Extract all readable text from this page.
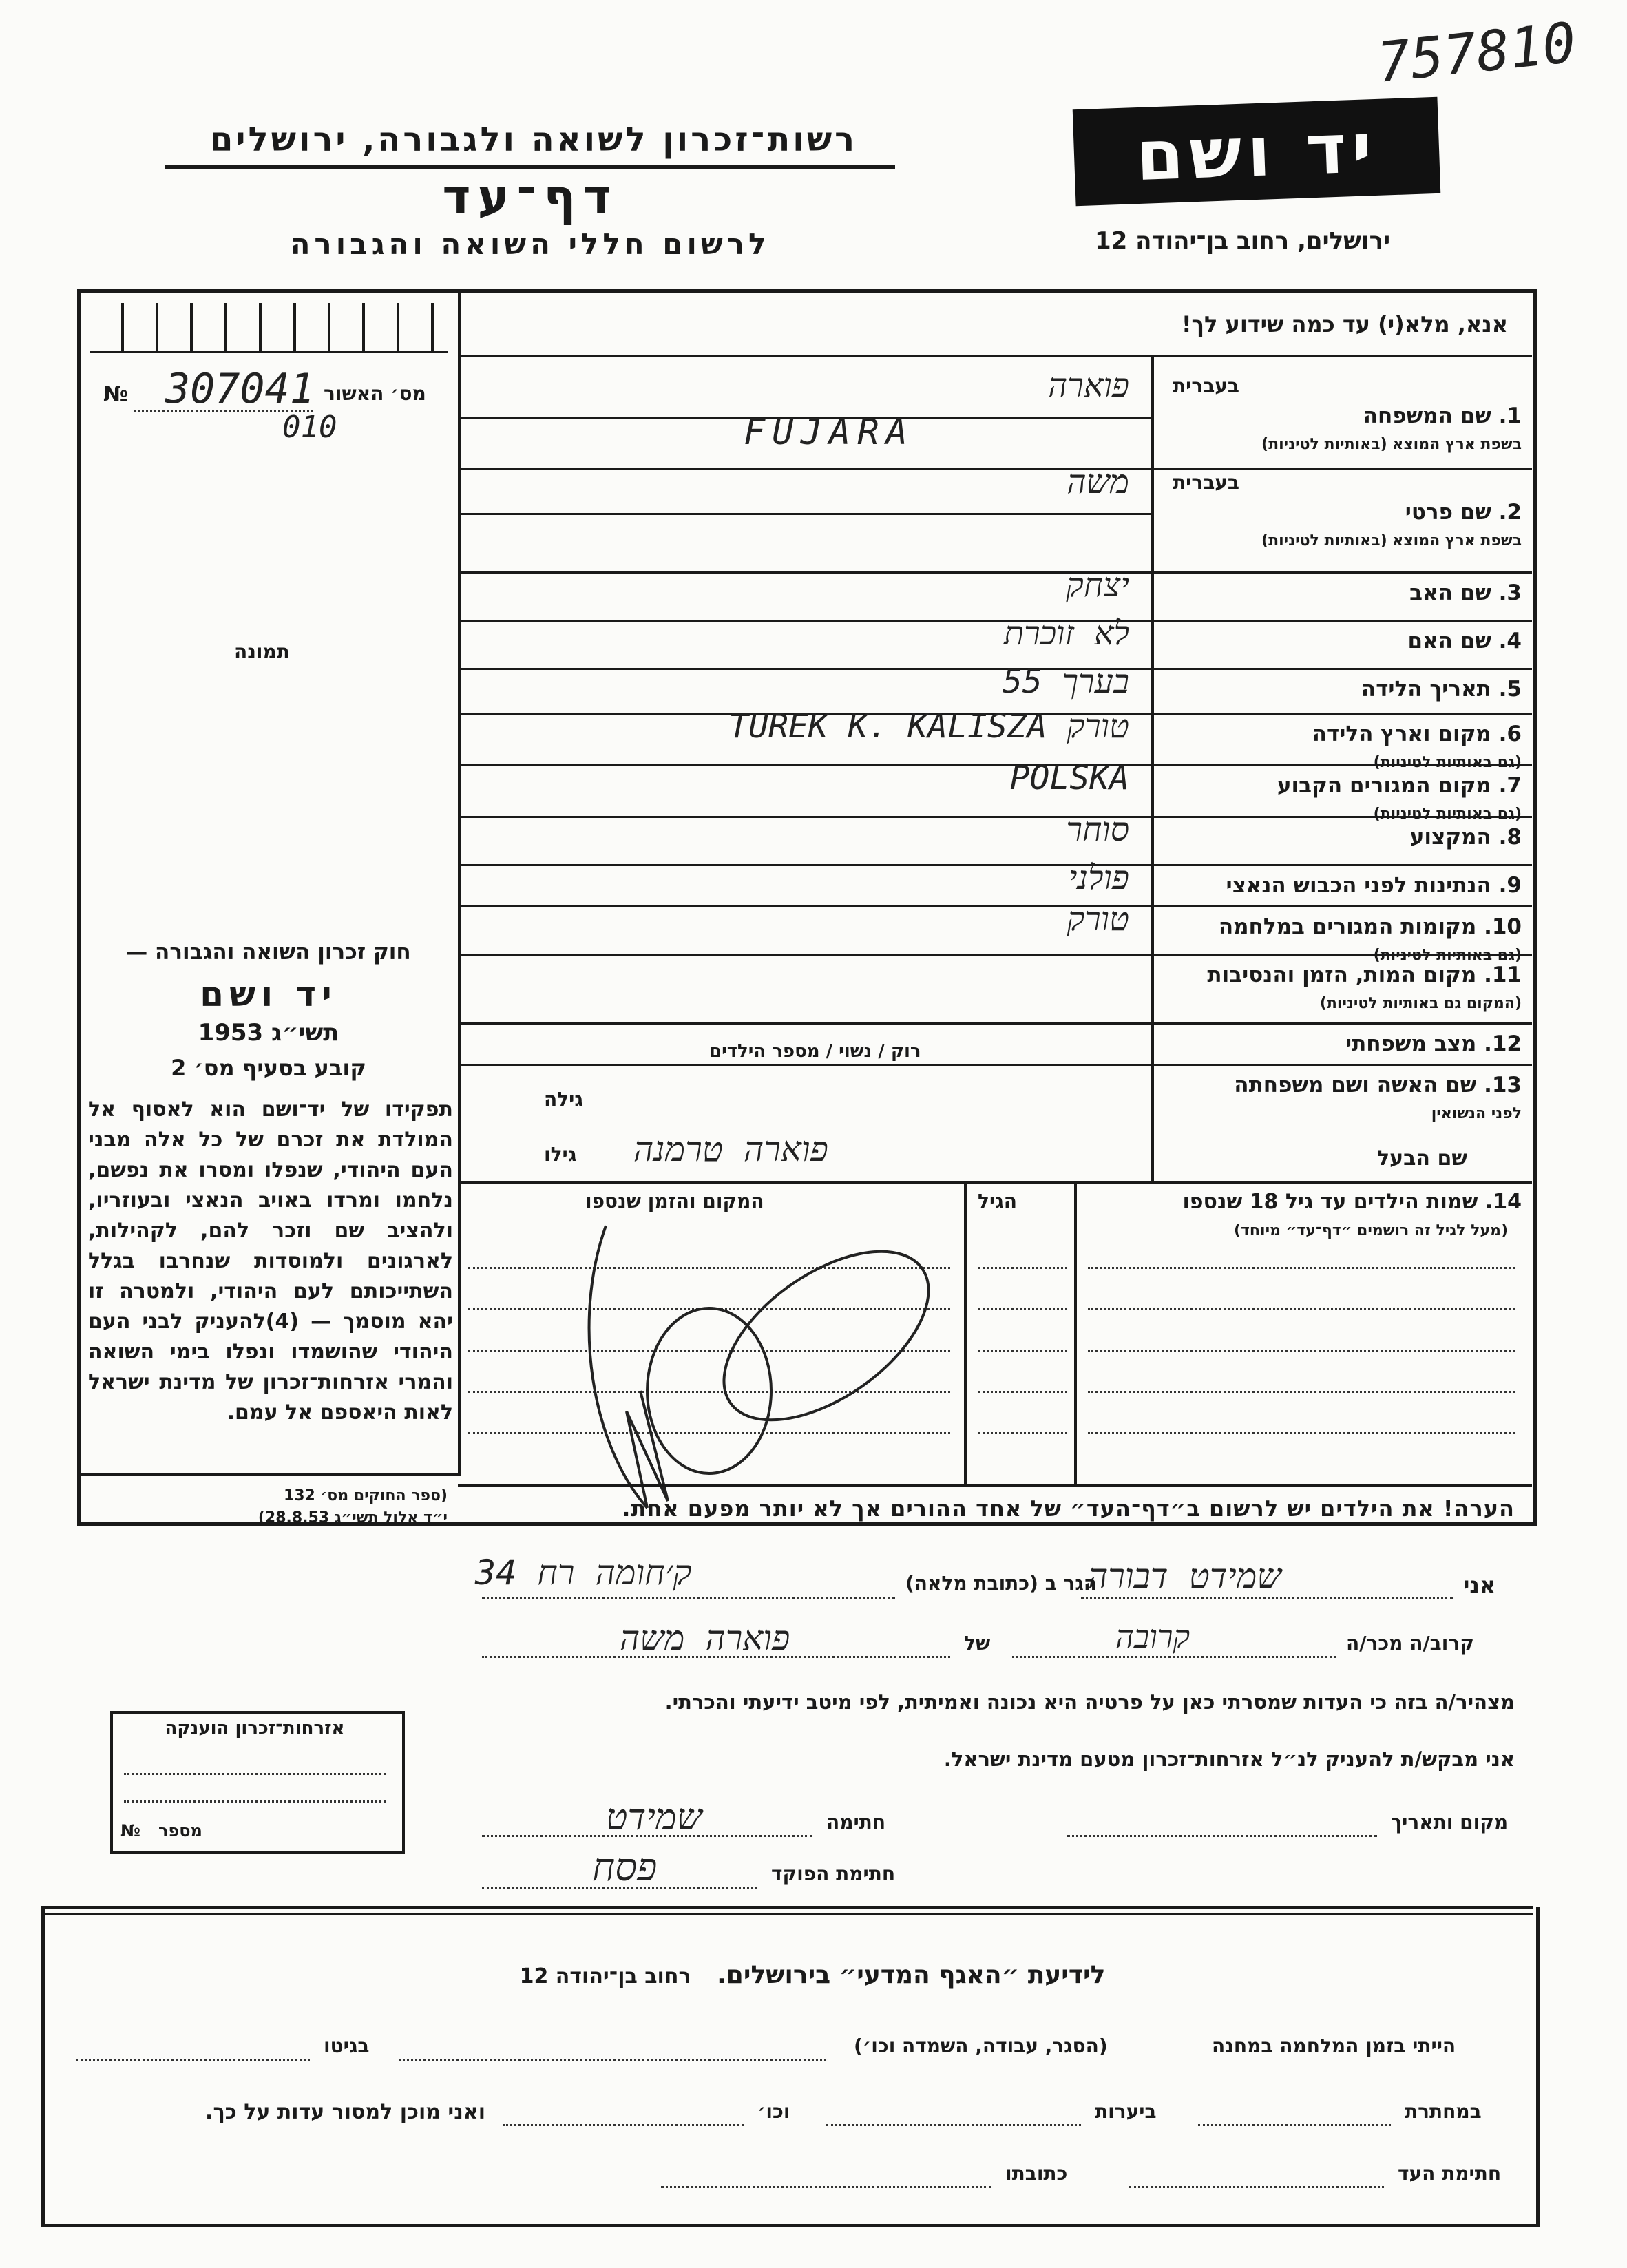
757810
יד ושם
ירושלים, רחוב בן־יהודה 12
רשות־זכרון לשואה ולגבורה, ירושלים
דף־עד
לרשום חללי השואה והגבורה
אנא, מלא(י) עד כמה שידוע לך!
מס׳ האשור
№ 307041
010
תמונה
חוק זכרון השואה והגבורה —
יד ושם
תשי״ג 1953
קובע בסעיף מס׳ 2
תפקידו של יד־ושם הוא לאסוף אל המולדת את זכרם של כל אלה מבני העם היהודי, שנפלו ומסרו את נפשם, נלחמו ומרדו באויב הנאצי ובעוזריו, ולהציב שם וזכר להם, לקהילות, לארגונים ולמוסדות שנחרבו בגלל השתייכותם לעם היהודי, ולמטרה זו יהא מוסמך — (4)להעניק לבני העם היהודי שהושמדו ונפלו בימי השואה והמרי אזרחות־זכרון של מדינת ישראל לאות היאספם אל עמם.
(ספר החוקים מס׳ 132
י״ד אלול תשי״ג 28.8.53)
1. שם המשפחה
בשפת ארץ המוצא (באותיות לטיניות)
בעברית
פוארה
FUJARA
2. שם פרטי
בשפת ארץ המוצא (באותיות לטיניות)
בעברית
משה
3. שם האב
יצחק
4. שם האם
לא זוכרת
5. תאריך הלידה
בערך 55
6. מקום וארץ הלידה
(גם באותיות לטיניות)
טורק TUREK K. KALISZA
7. מקום המגורים הקבוע
(גם באותיות לטיניות)
POLSKA
8. המקצוע
סוחר
9. הנתינות לפני הכבוש הנאצי
פולני
10. מקומות המגורים במלחמה
(גם באותיות לטיניות)
טורק
11. מקום המות, הזמן והנסיבות
(המקום גם באותיות לטיניות)
12. מצב משפחתי
13. שם האשה ושם משפחתה
לפני הנשואין
רוק / נשוי / מספר הילדים
גילה
גילו פוארה טרמנה	שם הבעל
14. שמות הילדים עד גיל 18 שנספו
(מעל לגיל זה רושמים ״דף־עד״ מיוחד)
הגיל
המקום והזמן שנספו
הערה! את הילדים יש לרשום ב״דף־העד״ של אחד ההורים אך לא יותר מפעם אחת.
אני
שמידט דבורה
הגר ב (כתובת מלאה)
ק׳חומה רח 34
קרוב/ה מכר/ה
קרובה
של
פוארה משה
מצהיר/ה בזה כי העדות שמסרתי כאן על פרטיה היא נכונה ואמיתית, לפי מיטב ידיעתי והכרתי.
אני מבקש/ת להעניק לנ״ל אזרחות־זכרון מטעם מדינת ישראל.
מקום ותאריך
חתימה
שמידט
חתימת הפוקד
פסח
אזרחות־זכרון הוענקה
מספר
№
לידיעת ״האגף המדעי״ בירושלים.   רחוב בן־יהודה 12
הייתי בזמן המלחמה במחנה
(הסגר, עבודה, השמדה וכו׳)
בגיטו
במחתרת
ביערות
וכו׳
ואני מוכן למסור עדות על כך.
חתימת העד
כתובתו
